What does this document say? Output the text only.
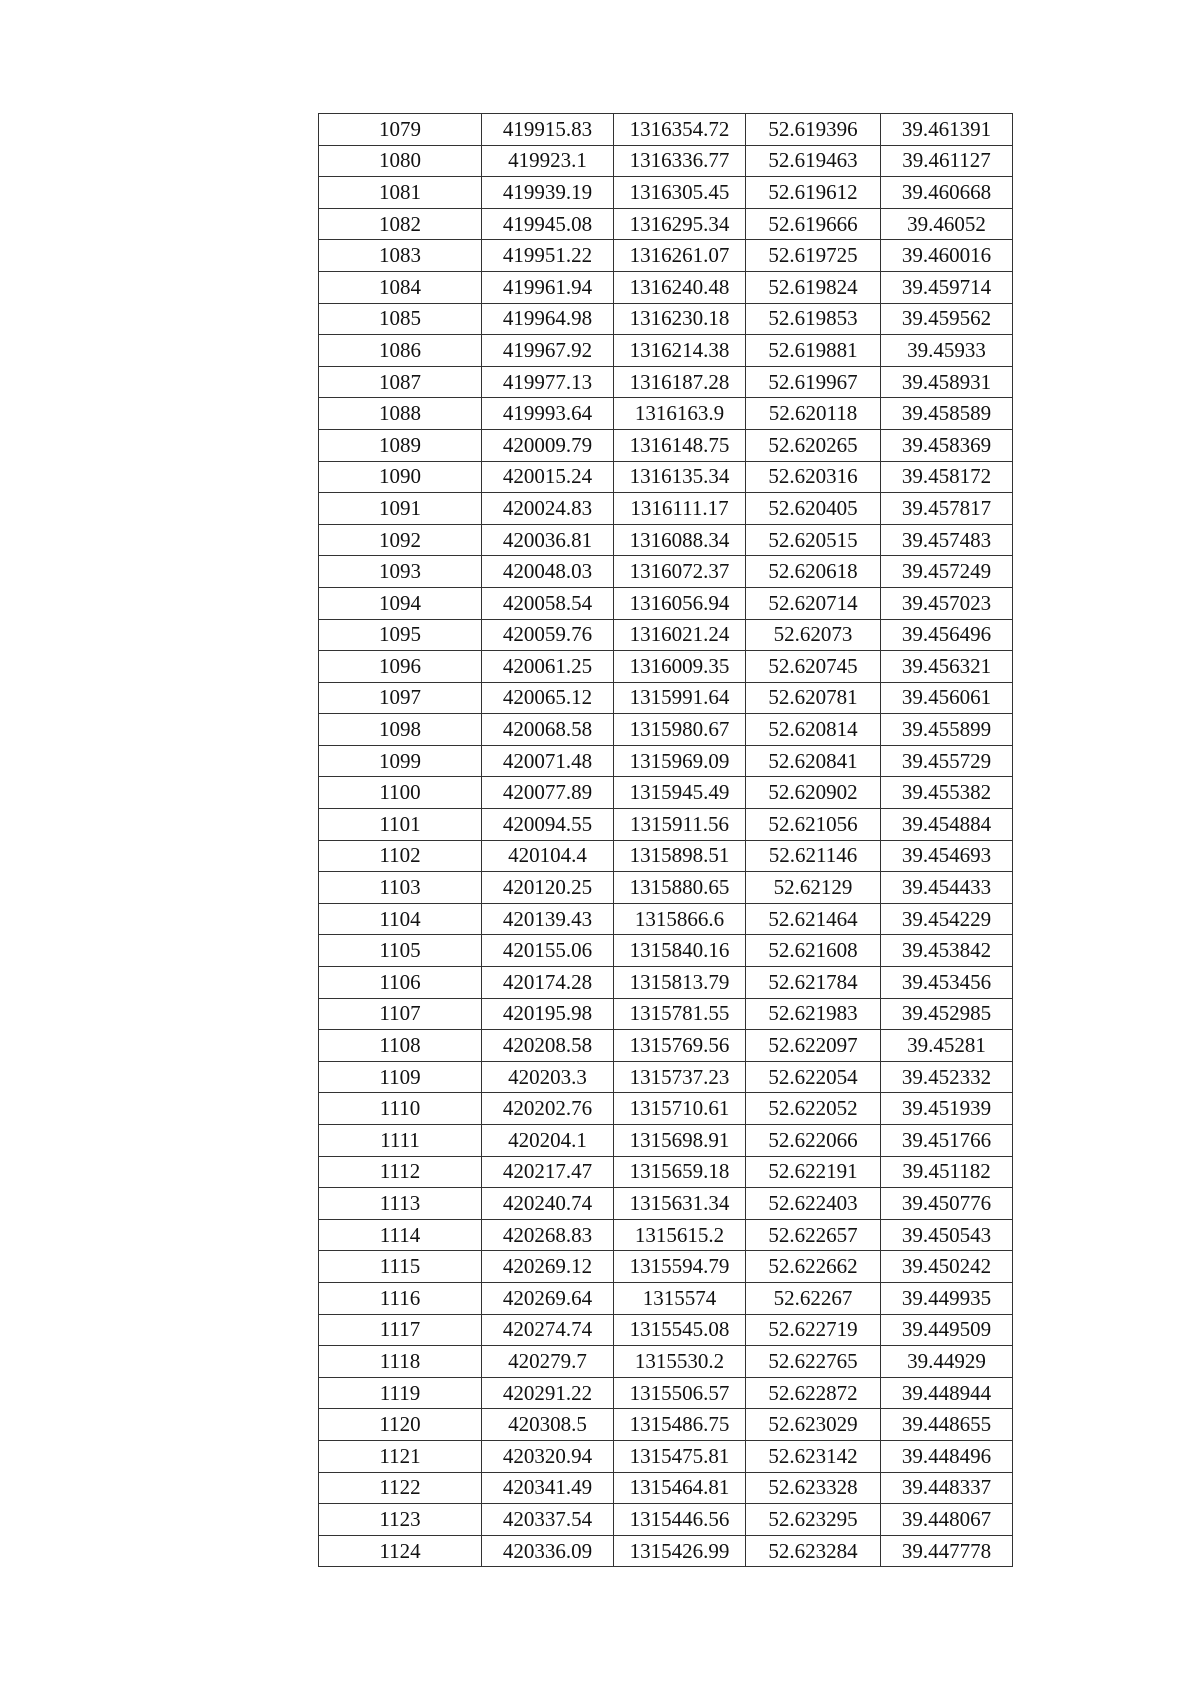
1079	419915.83	1316354.72	52.619396	39.461391
1080	419923.1	1316336.77	52.619463	39.461127
1081	419939.19	1316305.45	52.619612	39.460668
1082	419945.08	1316295.34	52.619666	39.46052
1083	419951.22	1316261.07	52.619725	39.460016
1084	419961.94	1316240.48	52.619824	39.459714
1085	419964.98	1316230.18	52.619853	39.459562
1086	419967.92	1316214.38	52.619881	39.45933
1087	419977.13	1316187.28	52.619967	39.458931
1088	419993.64	1316163.9	52.620118	39.458589
1089	420009.79	1316148.75	52.620265	39.458369
1090	420015.24	1316135.34	52.620316	39.458172
1091	420024.83	1316111.17	52.620405	39.457817
1092	420036.81	1316088.34	52.620515	39.457483
1093	420048.03	1316072.37	52.620618	39.457249
1094	420058.54	1316056.94	52.620714	39.457023
1095	420059.76	1316021.24	52.62073	39.456496
1096	420061.25	1316009.35	52.620745	39.456321
1097	420065.12	1315991.64	52.620781	39.456061
1098	420068.58	1315980.67	52.620814	39.455899
1099	420071.48	1315969.09	52.620841	39.455729
1100	420077.89	1315945.49	52.620902	39.455382
1101	420094.55	1315911.56	52.621056	39.454884
1102	420104.4	1315898.51	52.621146	39.454693
1103	420120.25	1315880.65	52.62129	39.454433
1104	420139.43	1315866.6	52.621464	39.454229
1105	420155.06	1315840.16	52.621608	39.453842
1106	420174.28	1315813.79	52.621784	39.453456
1107	420195.98	1315781.55	52.621983	39.452985
1108	420208.58	1315769.56	52.622097	39.45281
1109	420203.3	1315737.23	52.622054	39.452332
1110	420202.76	1315710.61	52.622052	39.451939
1111	420204.1	1315698.91	52.622066	39.451766
1112	420217.47	1315659.18	52.622191	39.451182
1113	420240.74	1315631.34	52.622403	39.450776
1114	420268.83	1315615.2	52.622657	39.450543
1115	420269.12	1315594.79	52.622662	39.450242
1116	420269.64	1315574	52.62267	39.449935
1117	420274.74	1315545.08	52.622719	39.449509
1118	420279.7	1315530.2	52.622765	39.44929
1119	420291.22	1315506.57	52.622872	39.448944
1120	420308.5	1315486.75	52.623029	39.448655
1121	420320.94	1315475.81	52.623142	39.448496
1122	420341.49	1315464.81	52.623328	39.448337
1123	420337.54	1315446.56	52.623295	39.448067
1124	420336.09	1315426.99	52.623284	39.447778
